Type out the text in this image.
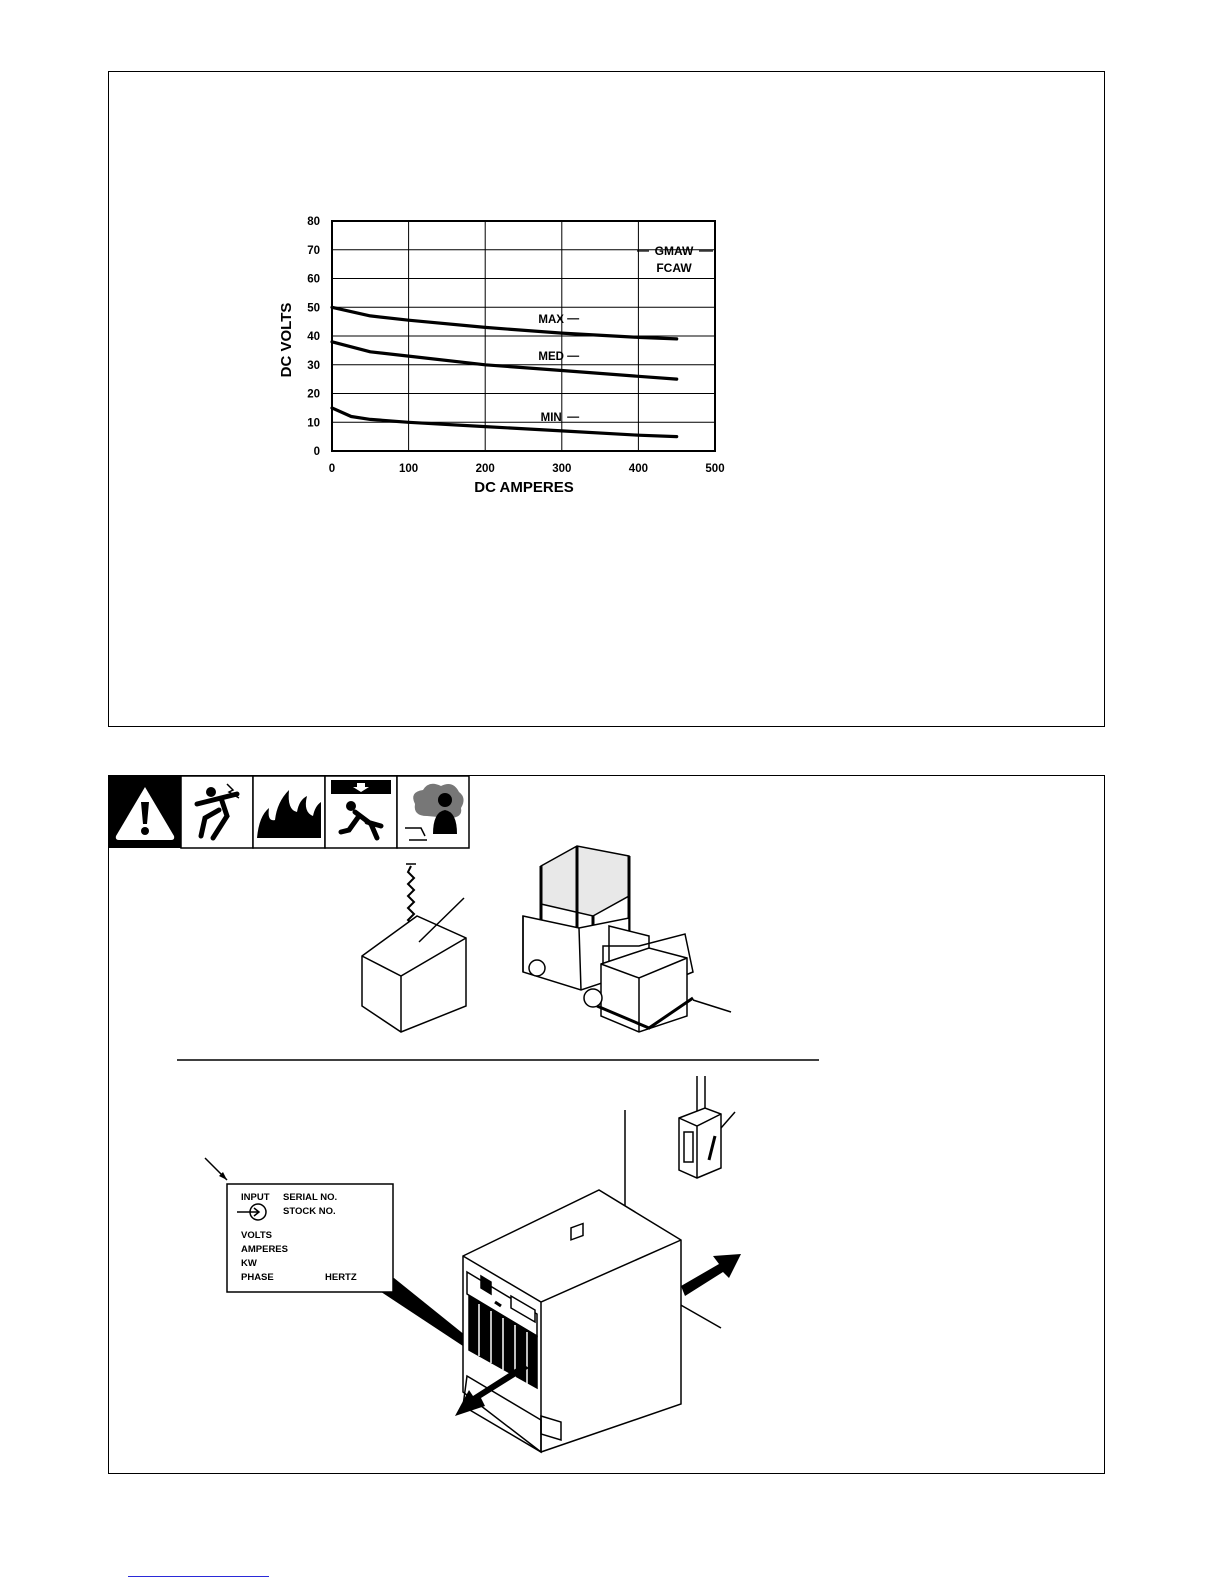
MAX
MED
MIN
0	100	200	300	400	500
0
10
20
30
40
50
60
70
80
DC VOLTS
DC AMPERES
GMAW
FCAW
INPUT SERIAL NO.
STOCK NO.
VOLTS
AMPERES
KW
PHASE	HERTZ
